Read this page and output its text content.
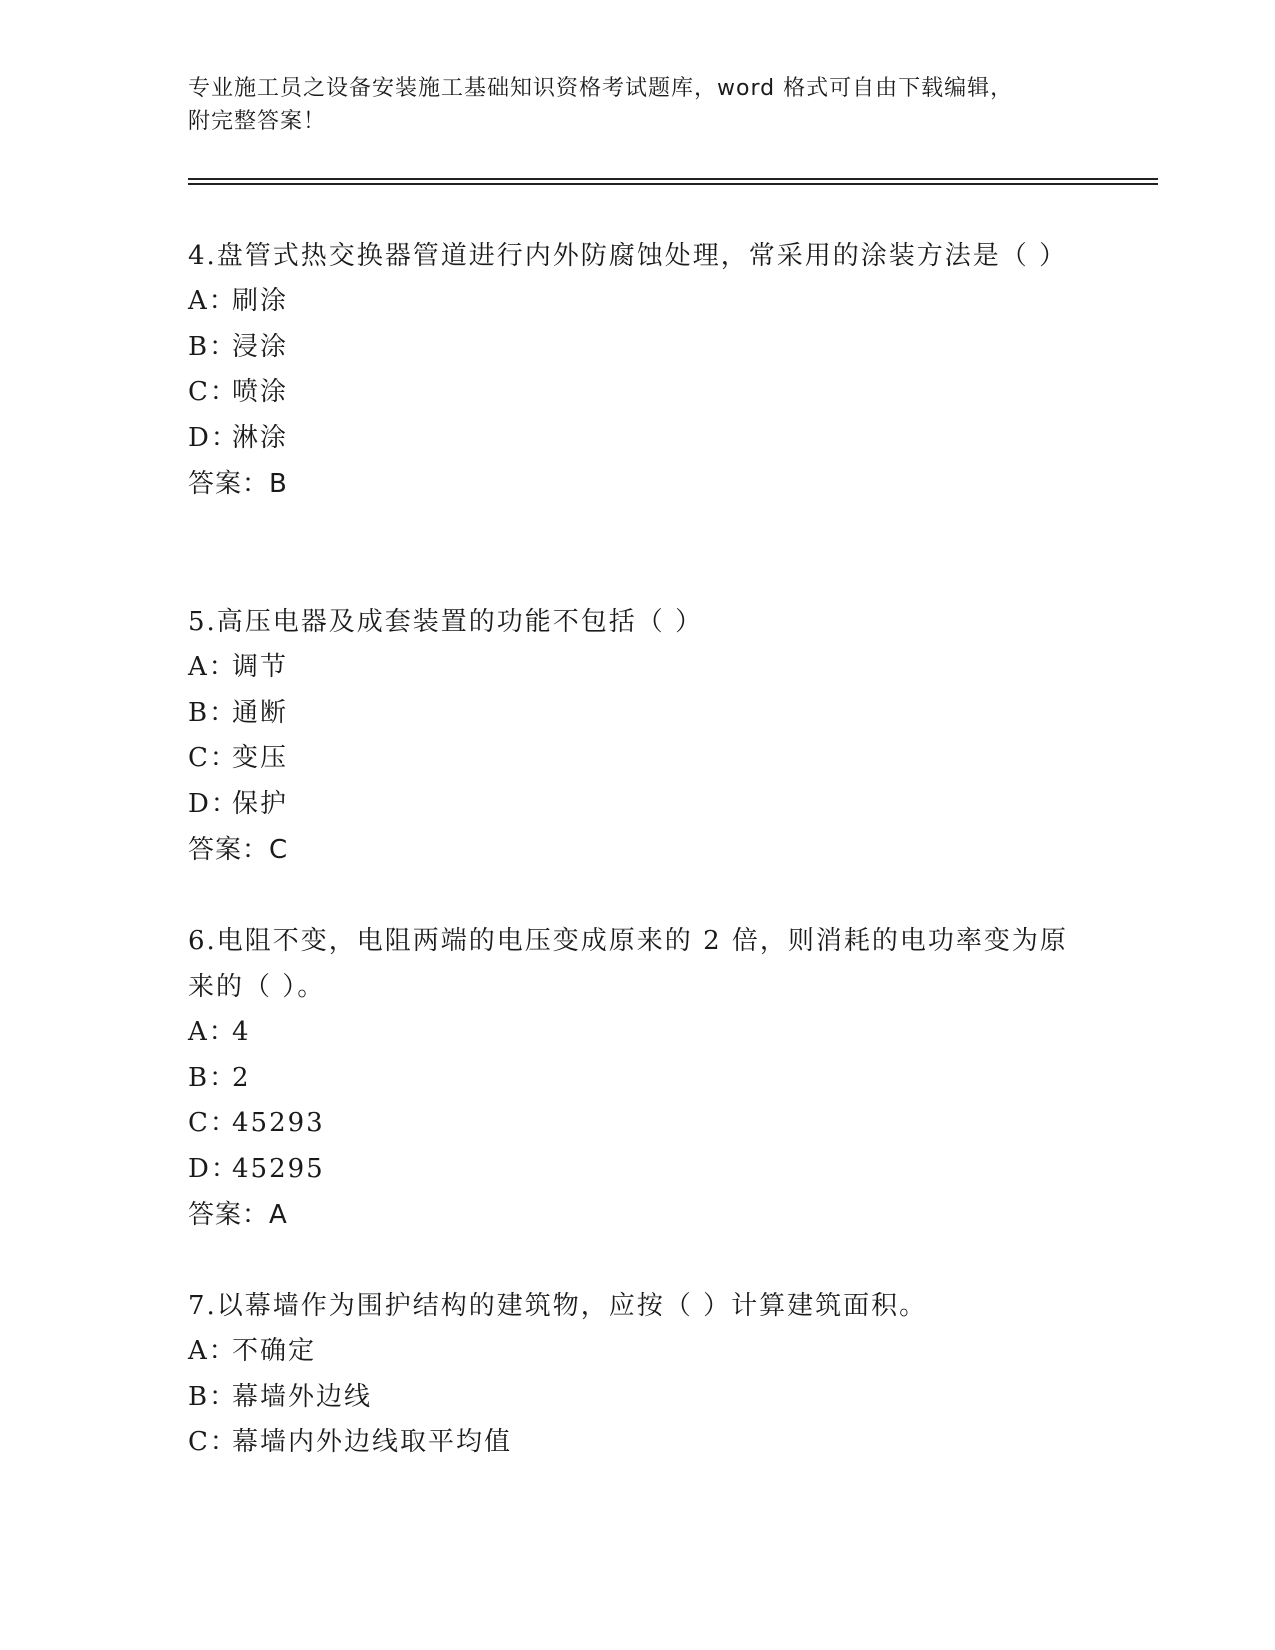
专业施工员之设备安装施工基础知识资格考试题库，word 格式可自由下载编辑，
附完整答案！

4.盘管式热交换器管道进行内外防腐蚀处理，常采用的涂装方法是（ ）

A：刷涂
B：浸涂
C：喷涂
D：淋涂
答案：B

5.高压电器及成套装置的功能不包括（ ）

A：调节
B：通断
C：变压
D：保护
答案：C

6.电阻不变，电阻两端的电压变成原来的 2 倍，则消耗的电功率变为原来的（ ）。

A：4
B：2
C：45293
D：45295
答案：A

7.以幕墙作为围护结构的建筑物，应按（ ）计算建筑面积。

A：不确定
B：幕墙外边线
C：幕墙内外边线取平均值
